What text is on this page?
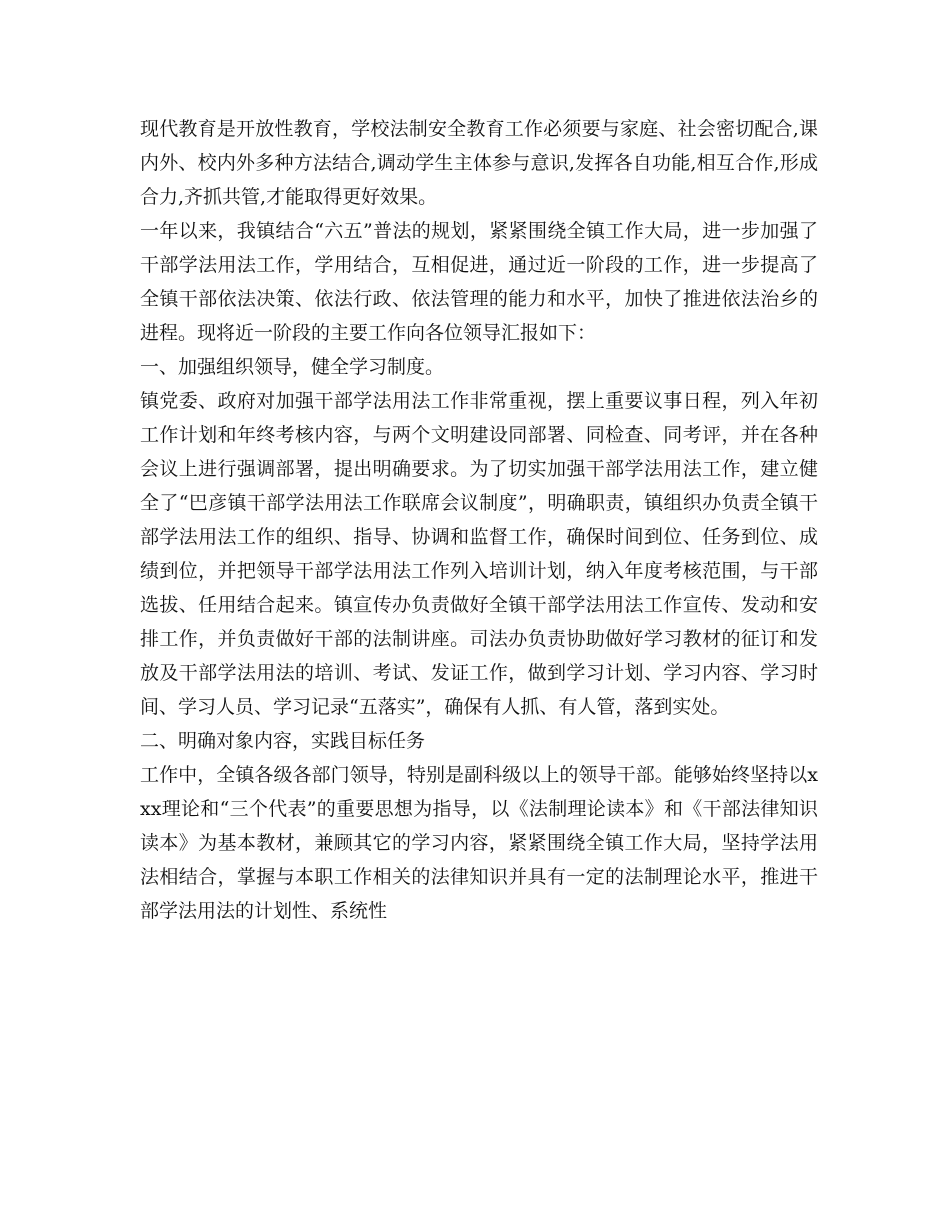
现代教育是开放性教育，学校法制安全教育工作必须要与家庭、社会密切配合,课内外、校内外多种方法结合,调动学生主体参与意识,发挥各自功能,相互合作,形成合力,齐抓共管,才能取得更好效果。

一年以来，我镇结合“六五”普法的规划，紧紧围绕全镇工作大局，进一步加强了干部学法用法工作，学用结合，互相促进，通过近一阶段的工作，进一步提高了全镇干部依法决策、依法行政、依法管理的能力和水平，加快了推进依法治乡的进程。现将近一阶段的主要工作向各位领导汇报如下：

一、加强组织领导，健全学习制度。

镇党委、政府对加强干部学法用法工作非常重视，摆上重要议事日程，列入年初工作计划和年终考核内容，与两个文明建设同部署、同检查、同考评，并在各种会议上进行强调部署，提出明确要求。为了切实加强干部学法用法工作，建立健全了“巴彦镇干部学法用法工作联席会议制度”，明确职责，镇组织办负责全镇干部学法用法工作的组织、指导、协调和监督工作，确保时间到位、任务到位、成绩到位，并把领导干部学法用法工作列入培训计划，纳入年度考核范围，与干部选拔、任用结合起来。镇宣传办负责做好全镇干部学法用法工作宣传、发动和安排工作，并负责做好干部的法制讲座。司法办负责协助做好学习教材的征订和发放及干部学法用法的培训、考试、发证工作，做到学习计划、学习内容、学习时间、学习人员、学习记录“五落实”，确保有人抓、有人管，落到实处。

二、明确对象内容，实践目标任务

工作中，全镇各级各部门领导，特别是副科级以上的领导干部。能够始终坚持以xxx理论和“三个代表”的重要思想为指导，以《法制理论读本》和《干部法律知识读本》为基本教材，兼顾其它的学习内容，紧紧围绕全镇工作大局，坚持学法用法相结合，掌握与本职工作相关的法律知识并具有一定的法制理论水平，推进干部学法用法的计划性、系统性
